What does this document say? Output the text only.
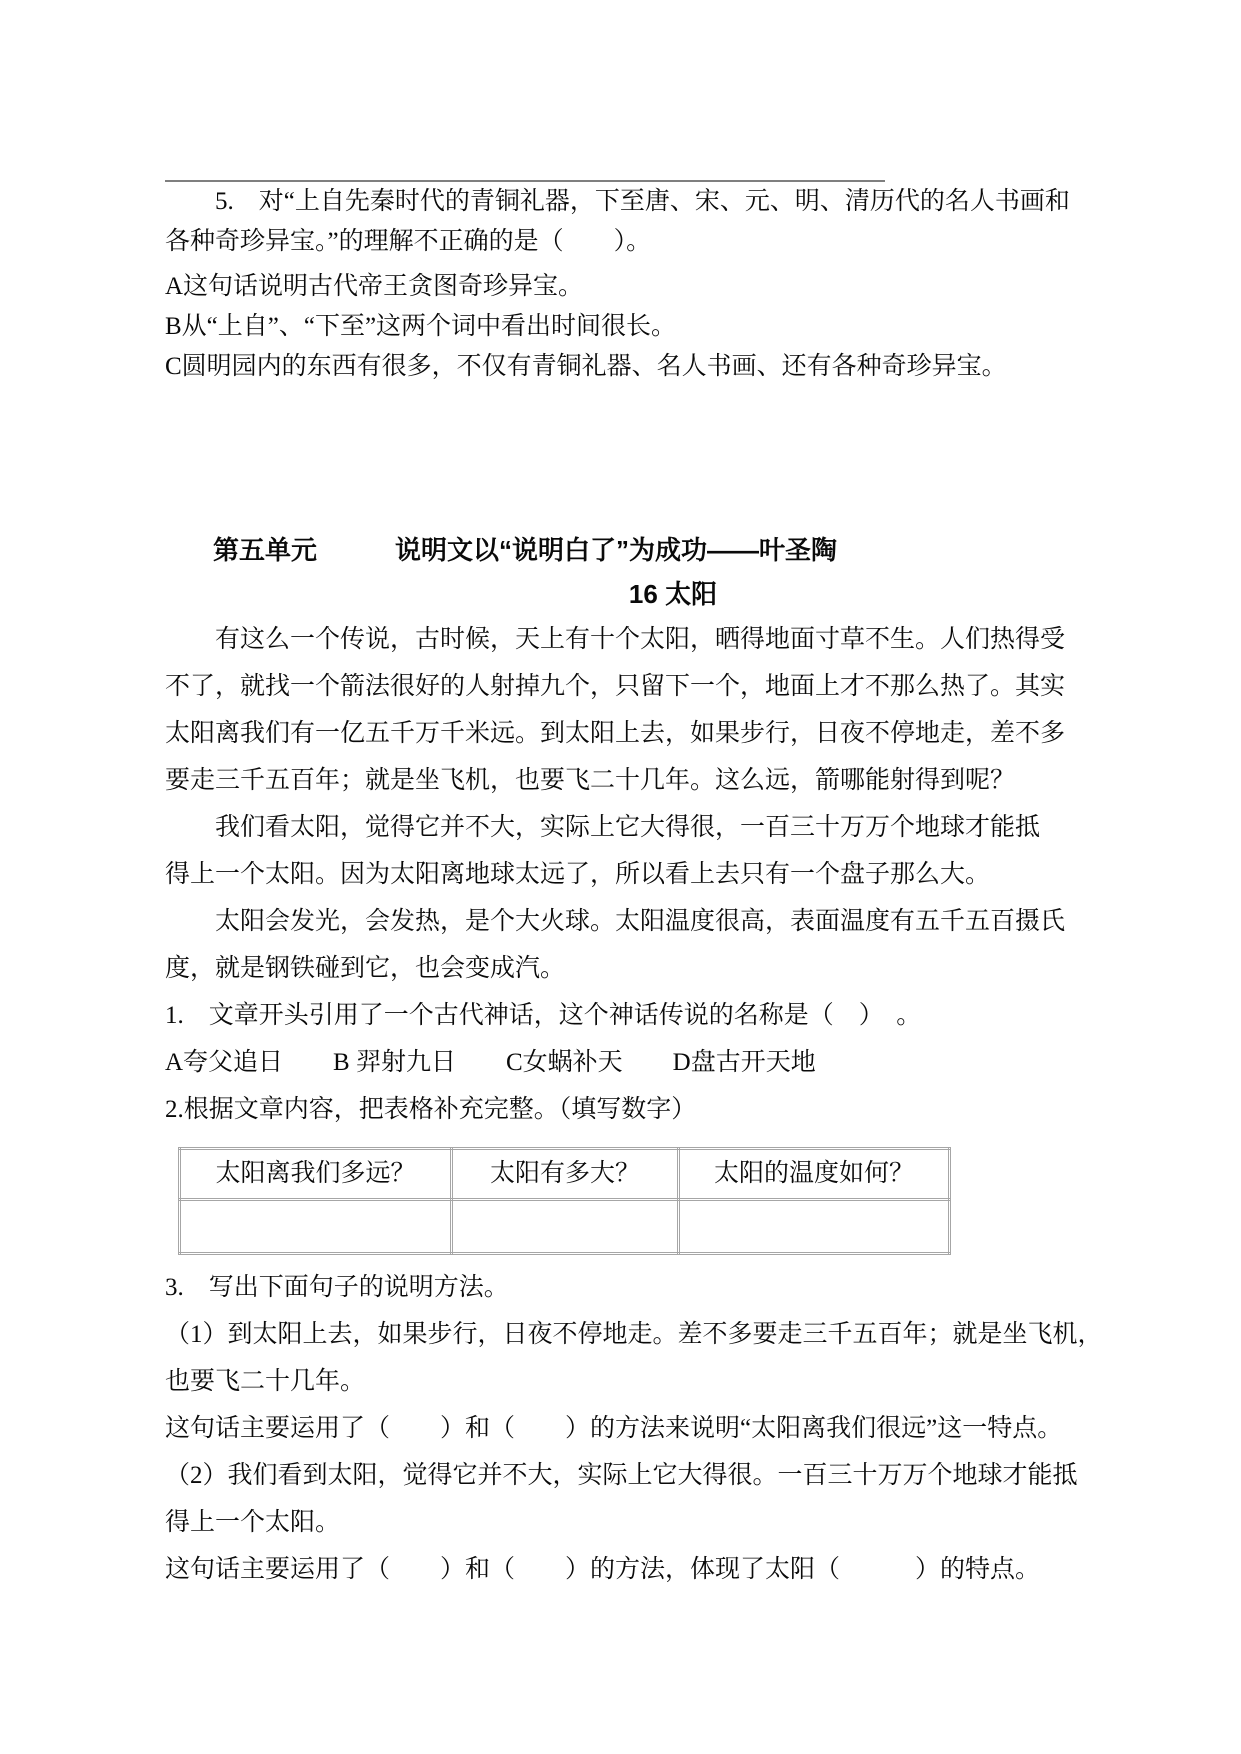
5.　对“上自先秦时代的青铜礼器，下至唐、宋、元、明、清历代的名人书画和
各种奇珍异宝。”的理解不正确的是（　　）。
A这句话说明古代帝王贪图奇珍异宝。
B从“上自”、“下至”这两个词中看出时间很长。
C圆明园内的东西有很多，不仅有青铜礼器、名人书画、还有各种奇珍异宝。
第五单元　　　说明文以“说明白了”为成功——叶圣陶
16 太阳
有这么一个传说，古时候，天上有十个太阳，晒得地面寸草不生。人们热得受
不了，就找一个箭法很好的人射掉九个，只留下一个，地面上才不那么热了。其实
太阳离我们有一亿五千万千米远。到太阳上去，如果步行，日夜不停地走，差不多
要走三千五百年；就是坐飞机，也要飞二十几年。这么远，箭哪能射得到呢？
我们看太阳，觉得它并不大，实际上它大得很，一百三十万万个地球才能抵
得上一个太阳。因为太阳离地球太远了，所以看上去只有一个盘子那么大。
太阳会发光，会发热，是个大火球。太阳温度很高，表面温度有五千五百摄氏
度，就是钢铁碰到它，也会变成汽。
1.　文章开头引用了一个古代神话，这个神话传说的名称是（　）　。
A夸父追日　　B 羿射九日　　C女蜗补天　　D盘古开天地
2.根据文章内容，把表格补充完整。（填写数字）
太阳离我们多远？	太阳有多大？	太阳的温度如何？

3.　写出下面句子的说明方法。
（1）到太阳上去，如果步行，日夜不停地走。差不多要走三千五百年；就是坐飞机，
也要飞二十几年。
这句话主要运用了（　　）和（　　）的方法来说明“太阳离我们很远”这一特点。
（2）我们看到太阳，觉得它并不大，实际上它大得很。一百三十万万个地球才能抵
得上一个太阳。
这句话主要运用了（　　）和（　　）的方法，体现了太阳（　　　）的特点。
